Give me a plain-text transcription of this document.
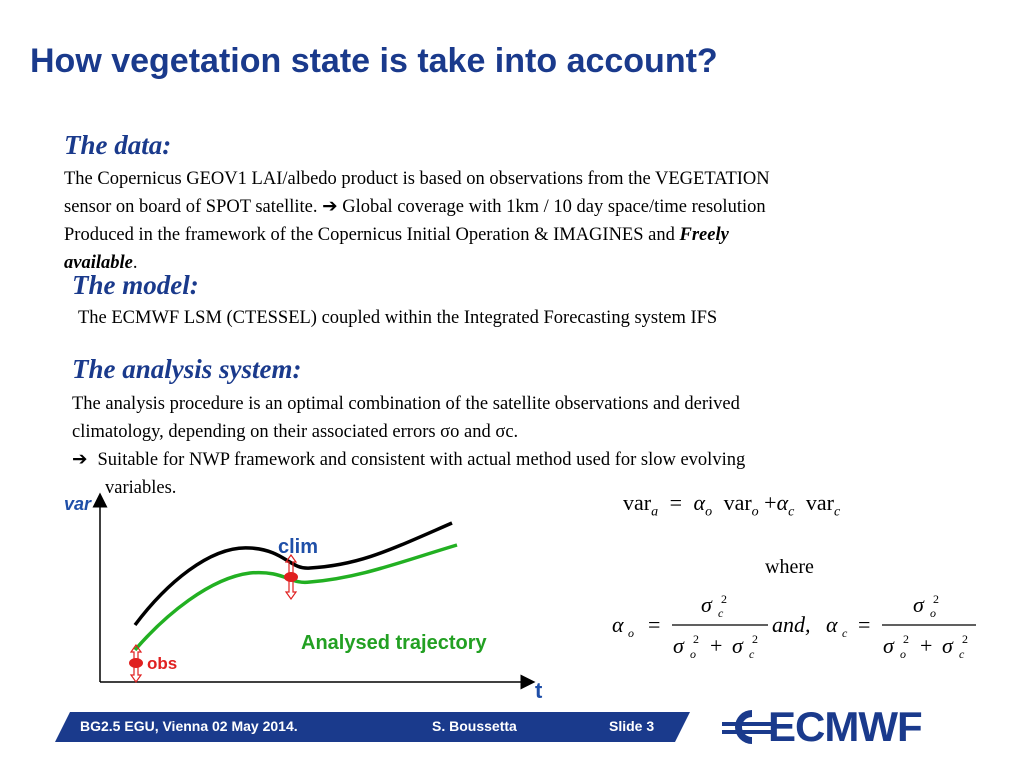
How vegetation state is take into account?
The data:
The Copernicus GEOV1 LAI/albedo product is based on observations from the VEGETATION
sensor on board of SPOT satellite. ➔ Global coverage with 1km / 10 day space/time resolution
Produced in the framework of the Copernicus Initial Operation & IMAGINES and Freely
available.
The model:
The ECMWF LSM (CTESSEL) coupled within the Integrated Forecasting system IFS
The analysis system:
The analysis procedure is an optimal combination of the satellite observations and derived
climatology, depending on their associated errors σo and σc.
➔ Suitable for NWP framework and consistent with actual method used for slow evolving
variables.
var
t
clim
obs
Analysed trajectory
$var_a = \alpha_o$ $var_o +\alpha_c$ var$_c$
where
α o =
σ 2
c
σ 2
o + σ 2
c
and, α c =
σ 2
o
σ 2
o + σ 2
c
BG2.5 EGU, Vienna 02 May 2014.	S. Boussetta	Slide 3	ECMWF
